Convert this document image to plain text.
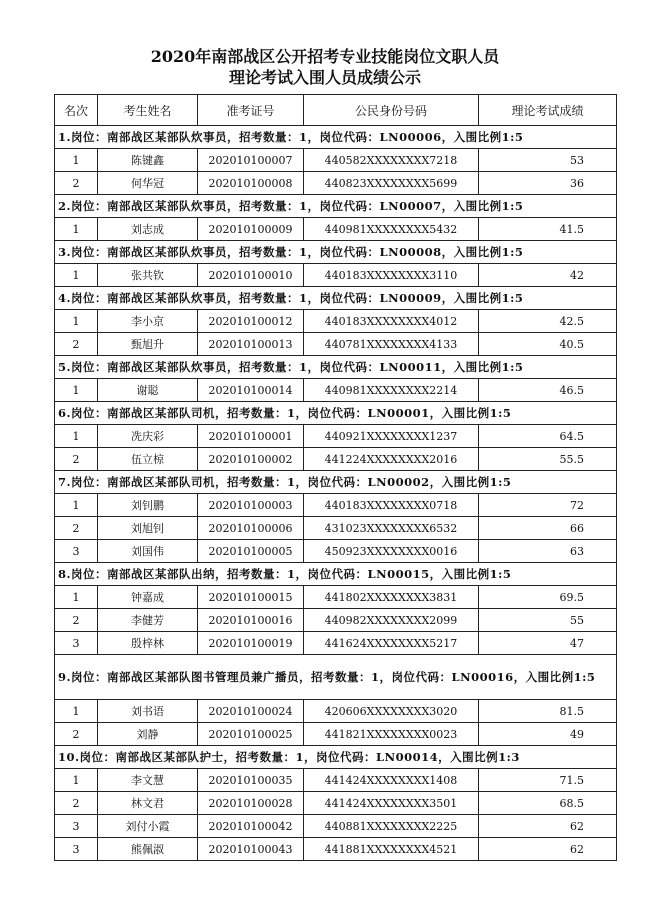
2020年南部战区公开招考专业技能岗位文职人员
理论考试入围人员成绩公示
名次	考生姓名	准考证号	公民身份号码	理论考试成绩
1.岗位：南部战区某部队炊事员，招考数量：1，岗位代码：LN00006，入围比例1:5				
1	陈键鑫	202010100007	440582XXXXXXXX7218	53
2	何华冠	202010100008	440823XXXXXXXX5699	36
2.岗位：南部战区某部队炊事员，招考数量：1，岗位代码：LN00007，入围比例1:5				
1	刘志成	202010100009	440981XXXXXXXX5432	41.5
3.岗位：南部战区某部队炊事员，招考数量：1，岗位代码：LN00008，入围比例1:5				
1	张共钦	202010100010	440183XXXXXXXX3110	42
4.岗位：南部战区某部队炊事员，招考数量：1，岗位代码：LN00009，入围比例1:5				
1	李小京	202010100012	440183XXXXXXXX4012	42.5
2	甄旭升	202010100013	440781XXXXXXXX4133	40.5
5.岗位：南部战区某部队炊事员，招考数量：1，岗位代码：LN00011，入围比例1:5				
1	谢聪	202010100014	440981XXXXXXXX2214	46.5
6.岗位：南部战区某部队司机，招考数量：1，岗位代码：LN00001，入围比例1:5				
1	冼庆彩	202010100001	440921XXXXXXXX1237	64.5
2	伍立椋	202010100002	441224XXXXXXXX2016	55.5
7.岗位：南部战区某部队司机，招考数量：1，岗位代码：LN00002，入围比例1:5				
1	刘钊鹏	202010100003	440183XXXXXXXX0718	72
2	刘旭钊	202010100006	431023XXXXXXXX6532	66
3	刘国伟	202010100005	450923XXXXXXXX0016	63
8.岗位：南部战区某部队出纳，招考数量：1，岗位代码：LN00015，入围比例1:5				
1	钟嘉成	202010100015	441802XXXXXXXX3831	69.5
2	李健芳	202010100016	440982XXXXXXXX2099	55
3	殷梓林	202010100019	441624XXXXXXXX5217	47
9.岗位：南部战区某部队图书管理员兼广播员，招考数量：1，岗位代码：LN00016，入围比例1:5				
1	刘书语	202010100024	420606XXXXXXXX3020	81.5
2	刘静	202010100025	441821XXXXXXXX0023	49
10.岗位：南部战区某部队护士，招考数量：1，岗位代码：LN00014，入围比例1:3				
1	李文慧	202010100035	441424XXXXXXXX1408	71.5
2	林文君	202010100028	441424XXXXXXXX3501	68.5
3	刘付小霞	202010100042	440881XXXXXXXX2225	62
3	熊佩淑	202010100043	441881XXXXXXXX4521	62
